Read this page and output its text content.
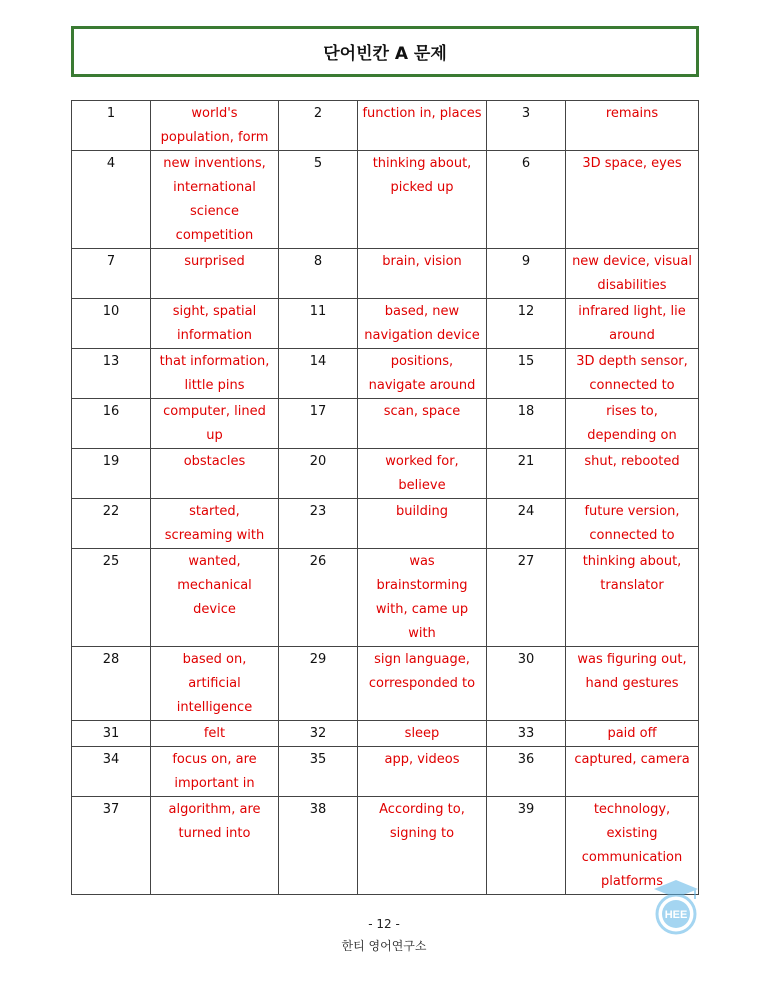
단어빈칸 A 문제
1	world's population, form	2	function in, places	3	remains
4	new inventions, international science competition	5	thinking about, picked up	6	3D space, eyes
7	surprised	8	brain, vision	9	new device, visual disabilities
10	sight, spatial information	11	based, new navigation device	12	infrared light, lie around
13	that information, little pins	14	positions, navigate around	15	3D depth sensor, connected to
16	computer, lined up	17	scan, space	18	rises to, depending on
19	obstacles	20	worked for, believe	21	shut, rebooted
22	started, screaming with	23	building	24	future version, connected to
25	wanted, mechanical device	26	was brainstorming with, came up with	27	thinking about, translator
28	based on, artificial intelligence	29	sign language, corresponded to	30	was figuring out, hand gestures
31	felt	32	sleep	33	paid off
34	focus on, are important in	35	app, videos	36	captured, camera
37	algorithm, are turned into	38	According to, signing to	39	technology, existing communication platforms
- 12 -
한티 영어연구소
HEE
